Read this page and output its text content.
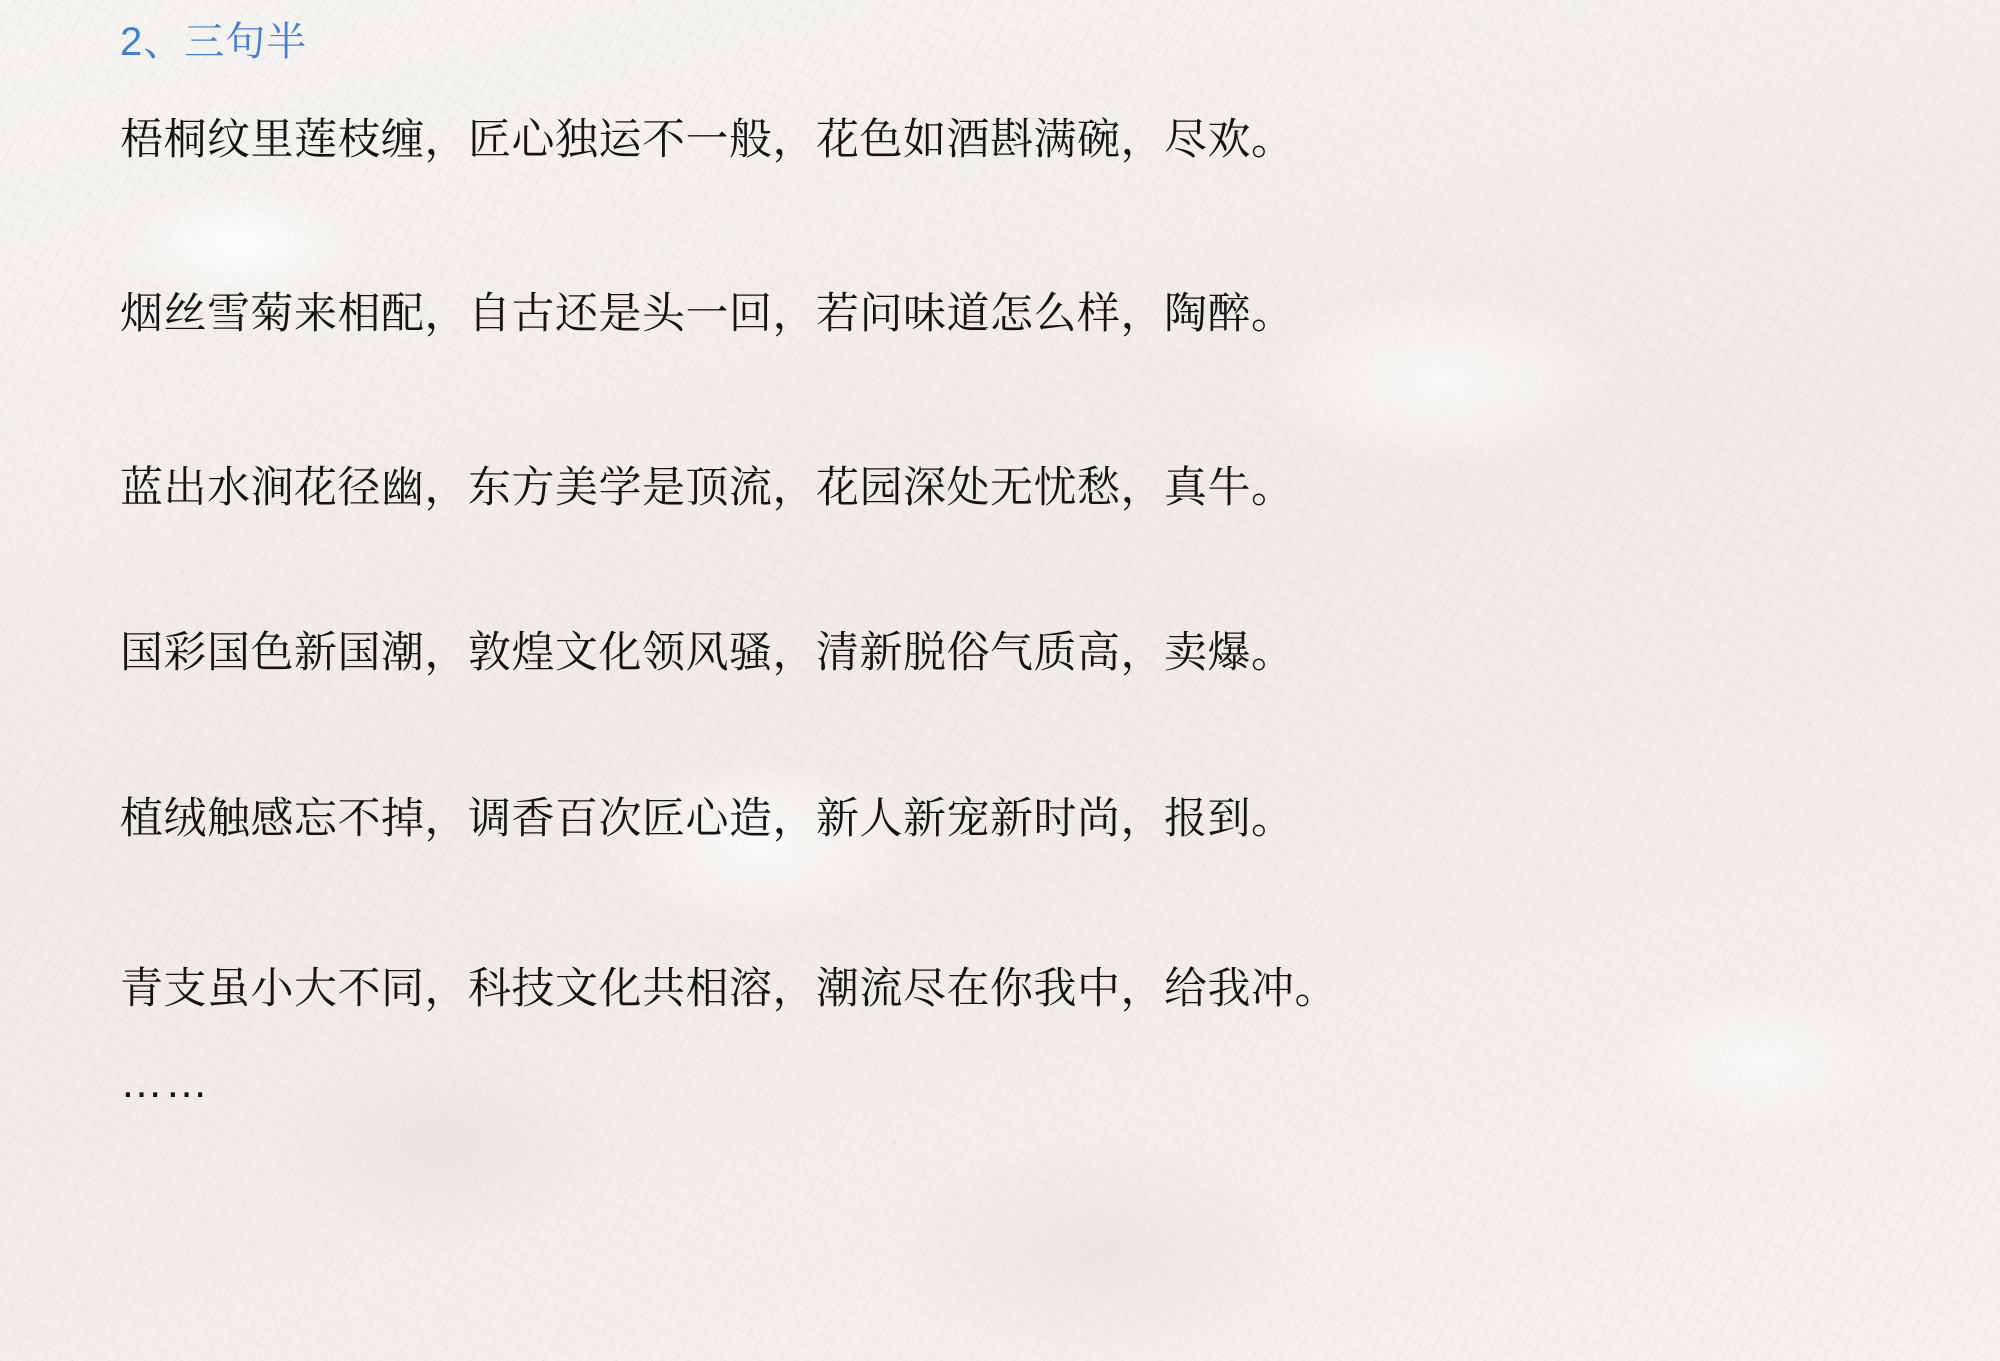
2、三句半

梧桐纹里莲枝缠，匠心独运不一般，花色如酒斟满碗，尽欢。

烟丝雪菊来相配，自古还是头一回，若问味道怎么样，陶醉。

蓝出水涧花径幽，东方美学是顶流，花园深处无忧愁，真牛。

国彩国色新国潮，敦煌文化领风骚，清新脱俗气质高，卖爆。

植绒触感忘不掉，调香百次匠心造，新人新宠新时尚，报到。

青支虽小大不同，科技文化共相溶，潮流尽在你我中，给我冲。

……
